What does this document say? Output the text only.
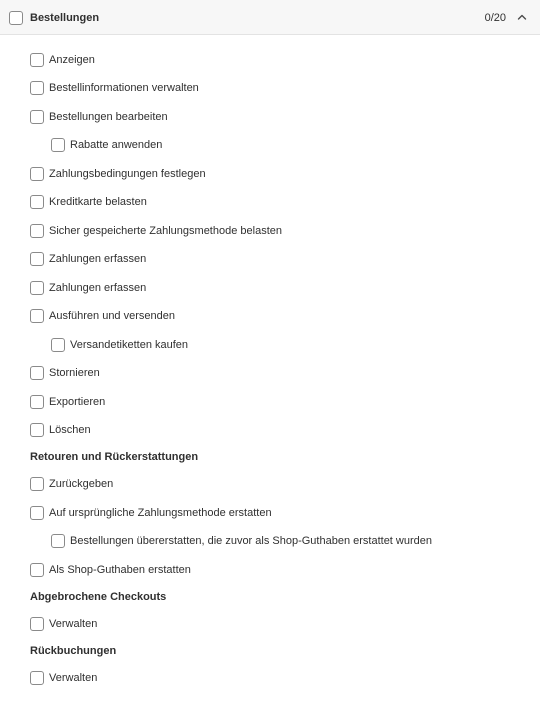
Bestellungen	0/20
Anzeigen
Bestellinformationen verwalten
Bestellungen bearbeiten
Rabatte anwenden
Zahlungsbedingungen festlegen
Kreditkarte belasten
Sicher gespeicherte Zahlungsmethode belasten
Zahlungen erfassen
Zahlungen erfassen
Ausführen und versenden
Versandetiketten kaufen
Stornieren
Exportieren
Löschen
Retouren und Rückerstattungen
Zurückgeben
Auf ursprüngliche Zahlungsmethode erstatten
Bestellungen übererstatten, die zuvor als Shop-Guthaben erstattet wurden
Als Shop-Guthaben erstatten
Abgebrochene Checkouts
Verwalten
Rückbuchungen
Verwalten
